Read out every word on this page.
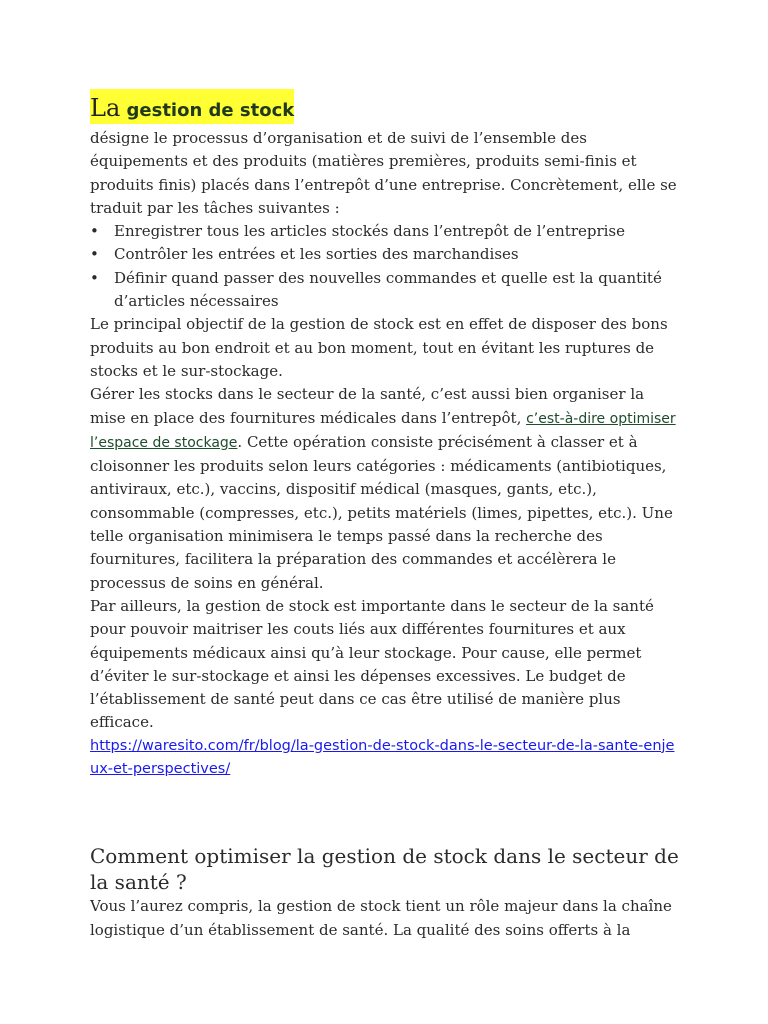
La gestion de stock

désigne le processus d’organisation et de suivi de l’ensemble des équipements et des produits (matières premières, produits semi-finis et produits finis) placés dans l’entrepôt d’une entreprise. Concrètement, elle se traduit par les tâches suivantes :

•	Enregistrer tous les articles stockés dans l’entrepôt de l’entreprise
•	Contrôler les entrées et les sorties des marchandises
•	Définir quand passer des nouvelles commandes et quelle est la quantité d’articles nécessaires

Le principal objectif de la gestion de stock est en effet de disposer des bons produits au bon endroit et au bon moment, tout en évitant les ruptures de stocks et le sur-stockage.

Gérer les stocks dans le secteur de la santé, c’est aussi bien organiser la mise en place des fournitures médicales dans l’entrepôt, c’est-à-dire optimiser l’espace de stockage. Cette opération consiste précisément à classer et à cloisonner les produits selon leurs catégories : médicaments (antibiotiques, antiviraux, etc.), vaccins, dispositif médical (masques, gants, etc.), consommable (compresses, etc.), petits matériels (limes, pipettes, etc.). Une telle organisation minimisera le temps passé dans la recherche des fournitures, facilitera la préparation des commandes et accélèrera le processus de soins en général.

Par ailleurs, la gestion de stock est importante dans le secteur de la santé pour pouvoir maitriser les couts liés aux différentes fournitures et aux équipements médicaux ainsi qu’à leur stockage. Pour cause, elle permet d’éviter le sur-stockage et ainsi les dépenses excessives. Le budget de l’établissement de santé peut dans ce cas être utilisé de manière plus efficace.

https://waresito.com/fr/blog/la-gestion-de-stock-dans-le-secteur-de-la-sante-enjeux-et-perspectives/
Comment optimiser la gestion de stock dans le secteur de la santé ?

Vous l’aurez compris, la gestion de stock tient un rôle majeur dans la chaîne logistique d’un établissement de santé. La qualité des soins offerts à la
